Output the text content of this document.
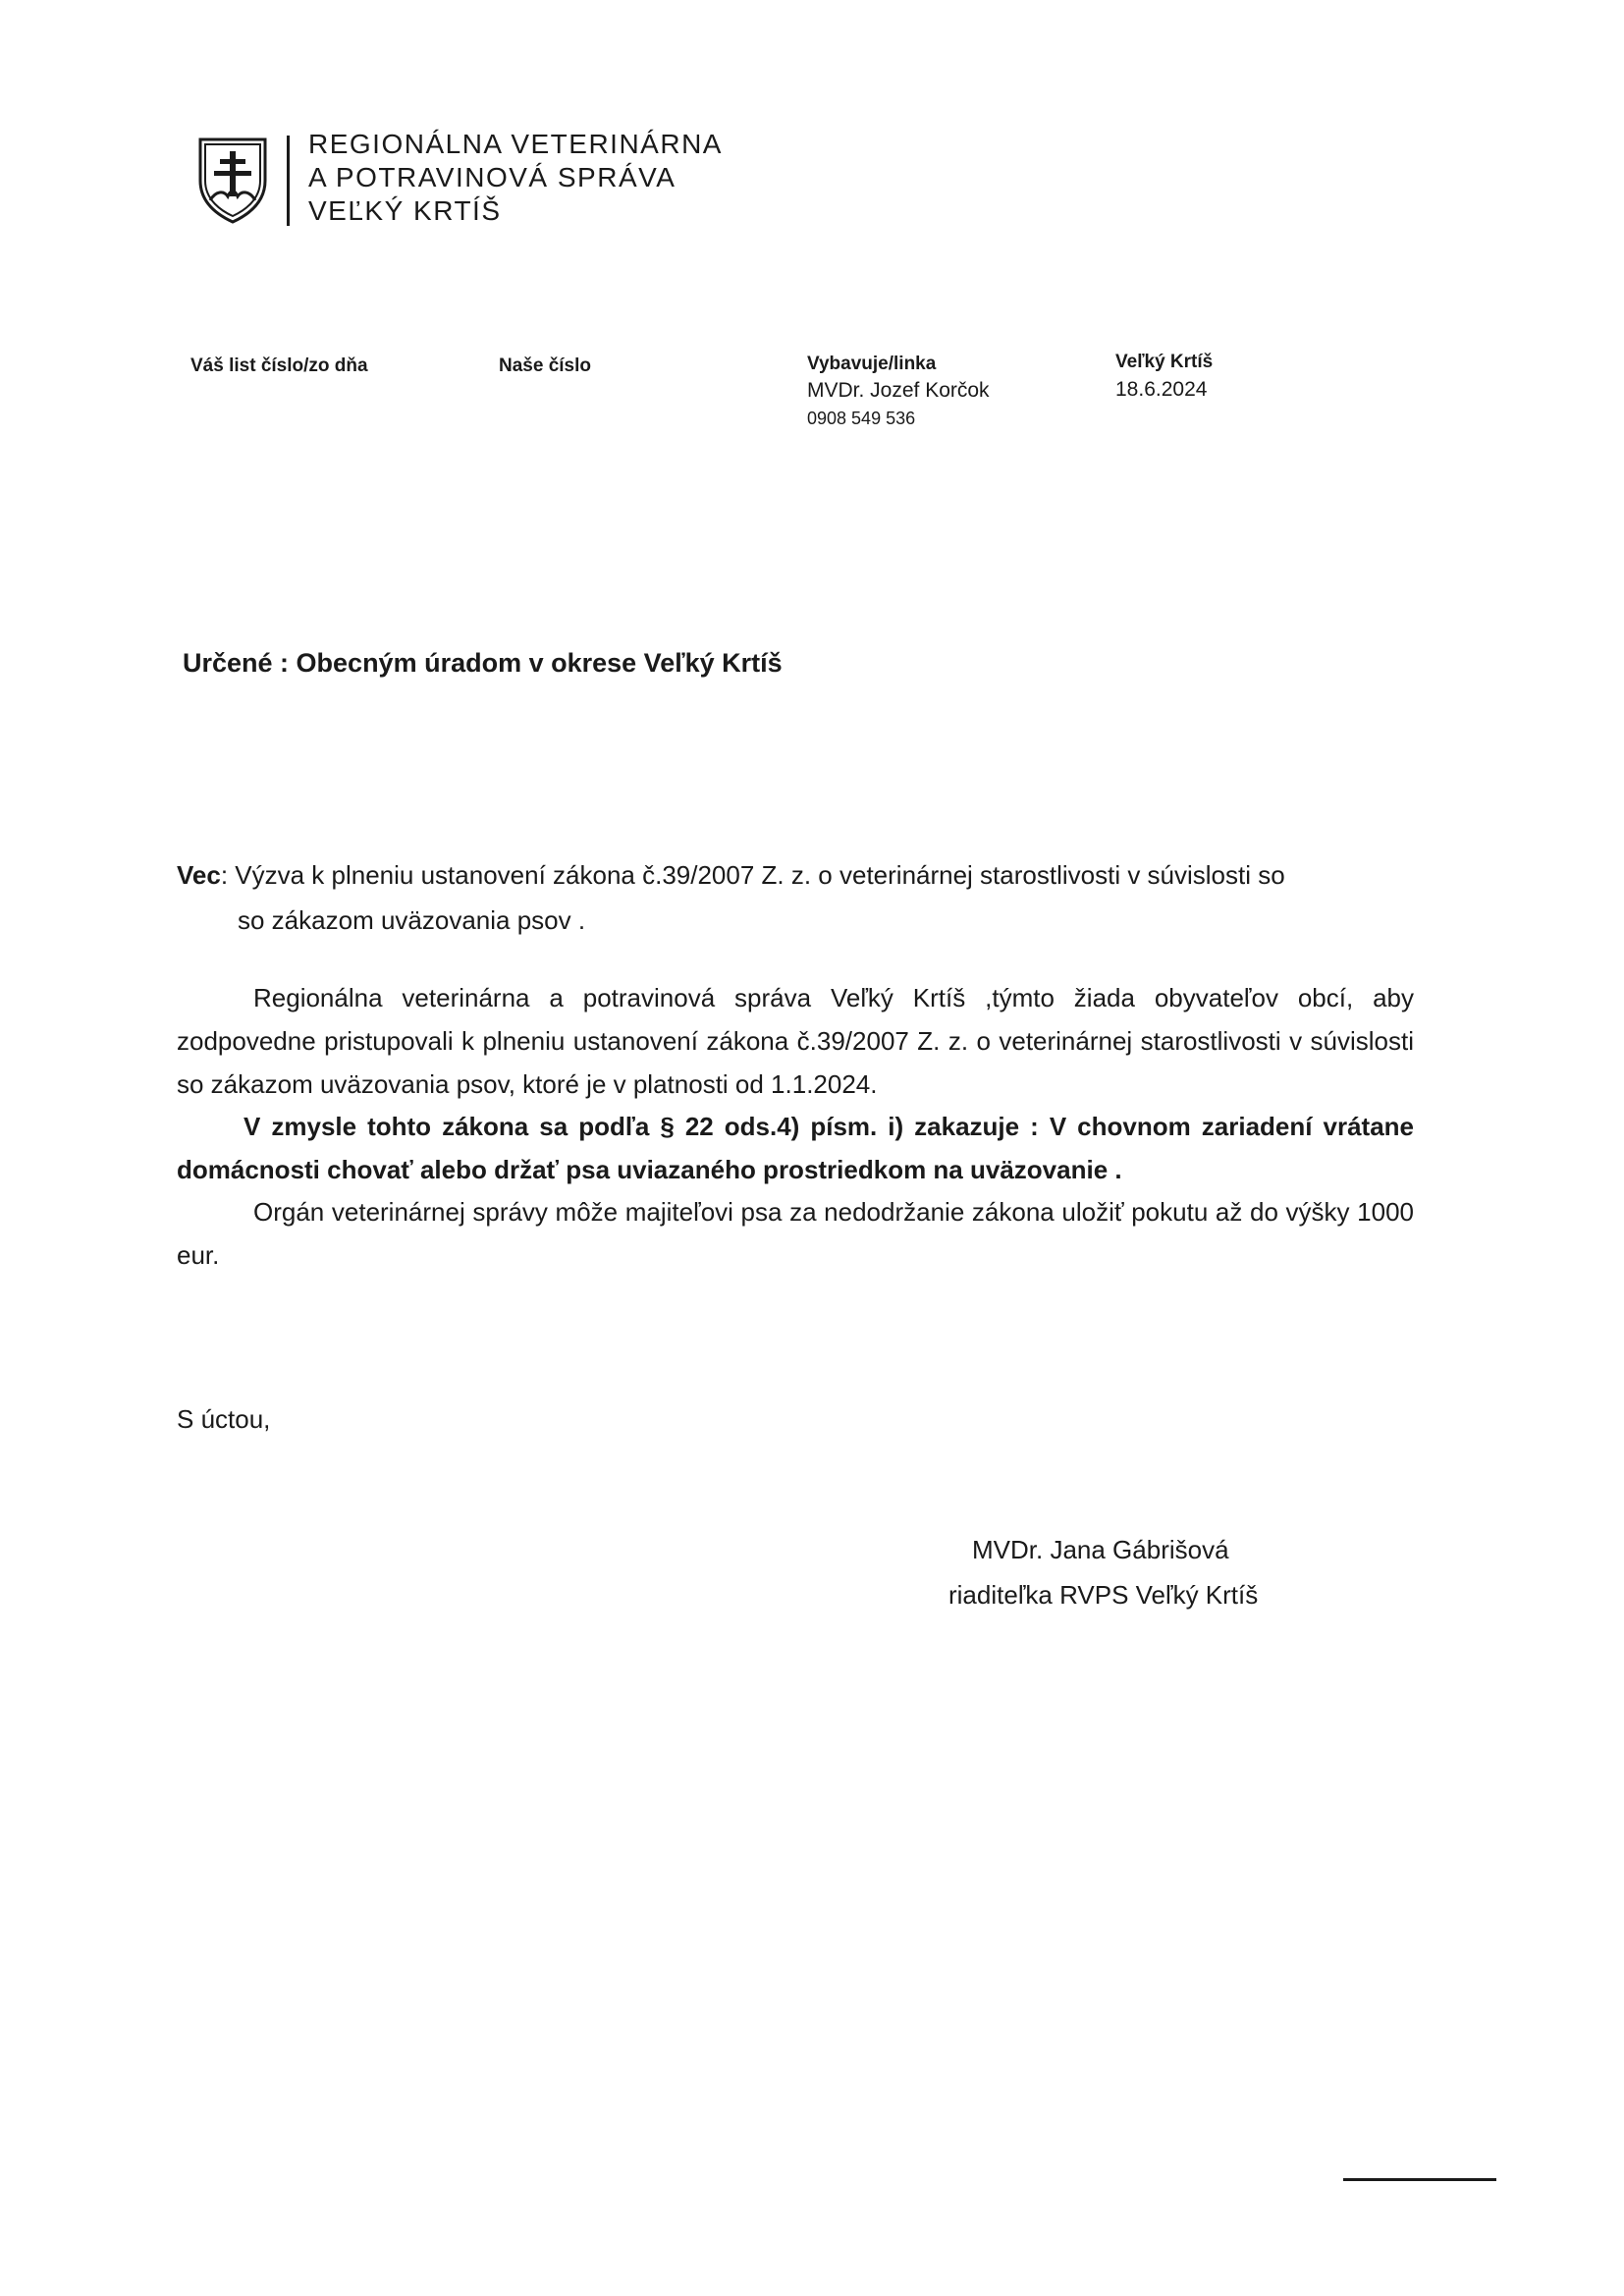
REGIONÁLNA VETERINÁRNA
A POTRAVINOVÁ SPRÁVA
VEĽKÝ KRTÍŠ
Váš list číslo/zo dňa	Naše číslo	Vybavuje/linka
MVDr. Jozef Korčok
0908 549 536
Veľký Krtíš
18.6.2024
Určené : Obecným úradom v okrese Veľký Krtíš
Vec: Výzva k plneniu ustanovení zákona č.39/2007 Z. z. o veterinárnej starostlivosti v súvislosti so
so zákazom uväzovania psov .
Regionálna veterinárna a potravinová správa Veľký Krtíš ,týmto žiada obyvateľov obcí, aby zodpovedne pristupovali k plneniu ustanovení zákona č.39/2007 Z. z. o veterinárnej starostlivosti v súvislosti so zákazom uväzovania psov, ktoré je v platnosti od 1.1.2024.
V zmysle tohto zákona sa podľa § 22 ods.4) písm. i) zakazuje : V chovnom zariadení vrátane domácnosti chovať alebo držať psa uviazaného prostriedkom na uväzovanie .
Orgán veterinárnej správy môže majiteľovi psa za nedodržanie zákona uložiť pokutu až do výšky 1000 eur.
S úctou,
MVDr. Jana Gábrišová
riaditeľka RVPS Veľký Krtíš
